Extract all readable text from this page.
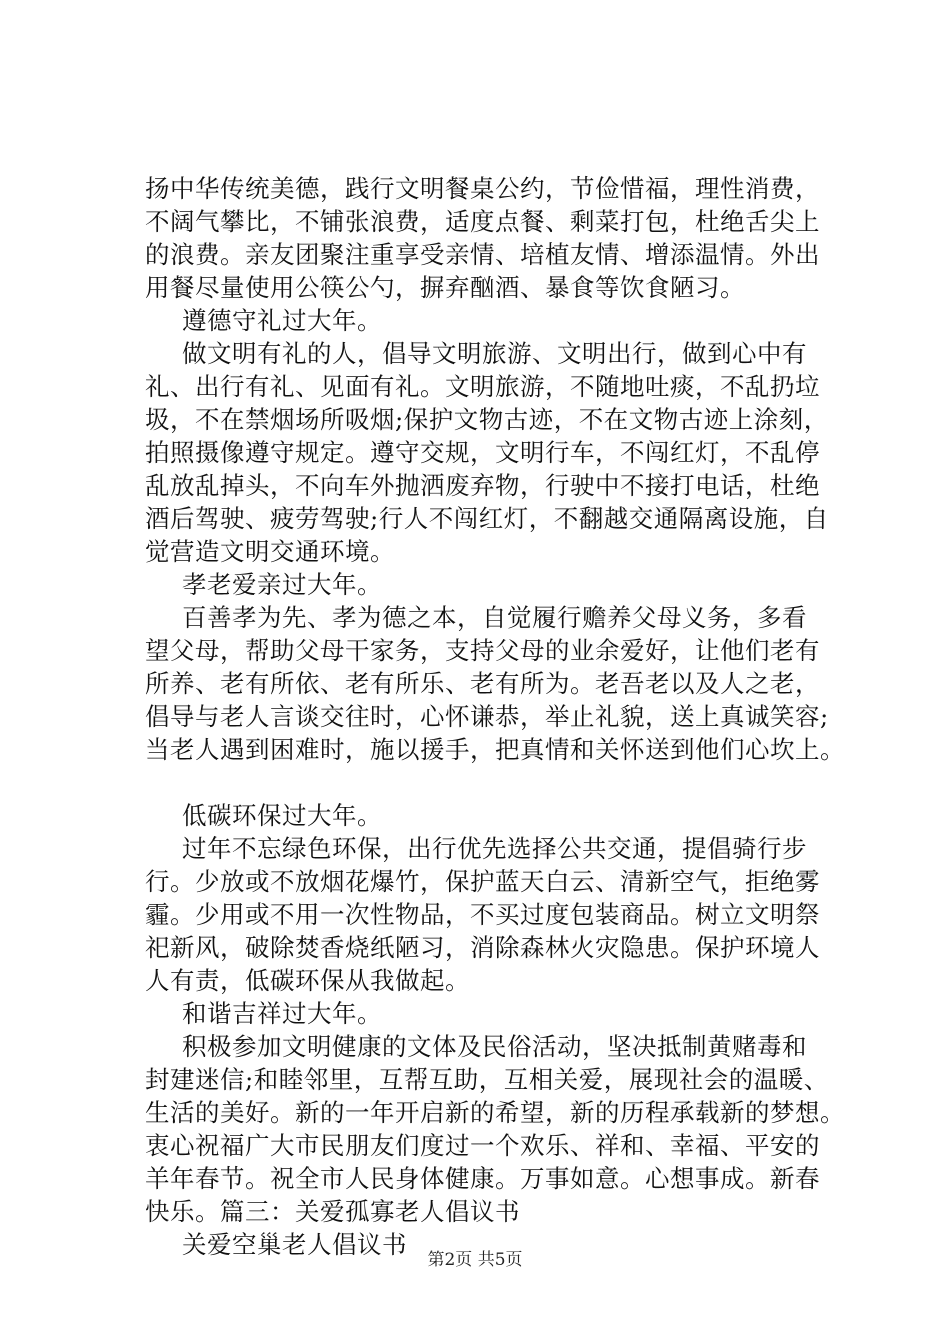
扬中华传统美德，践行文明餐桌公约，节俭惜福，理性消费，
不阔气攀比，不铺张浪费，适度点餐、剩菜打包，杜绝舌尖上
的浪费。亲友团聚注重享受亲情、培植友情、增添温情。外出
用餐尽量使用公筷公勺，摒弃酗酒、暴食等饮食陋习。
遵德守礼过大年。
做文明有礼的人，倡导文明旅游、文明出行，做到心中有
礼、出行有礼、见面有礼。文明旅游，不随地吐痰，不乱扔垃
圾，不在禁烟场所吸烟;保护文物古迹，不在文物古迹上涂刻，
拍照摄像遵守规定。遵守交规，文明行车，不闯红灯，不乱停
乱放乱掉头，不向车外抛洒废弃物，行驶中不接打电话，杜绝
酒后驾驶、疲劳驾驶;行人不闯红灯，不翻越交通隔离设施，自
觉营造文明交通环境。
孝老爱亲过大年。
百善孝为先、孝为德之本，自觉履行赡养父母义务，多看
望父母，帮助父母干家务，支持父母的业余爱好，让他们老有
所养、老有所依、老有所乐、老有所为。老吾老以及人之老，
倡导与老人言谈交往时，心怀谦恭，举止礼貌，送上真诚笑容;
当老人遇到困难时，施以援手，把真情和关怀送到他们心坎上。
低碳环保过大年。
过年不忘绿色环保，出行优先选择公共交通，提倡骑行步
行。少放或不放烟花爆竹，保护蓝天白云、清新空气，拒绝雾
霾。少用或不用一次性物品，不买过度包装商品。树立文明祭
祀新风，破除焚香烧纸陋习，消除森林火灾隐患。保护环境人
人有责，低碳环保从我做起。
和谐吉祥过大年。
积极参加文明健康的文体及民俗活动，坚决抵制黄赌毒和
封建迷信;和睦邻里，互帮互助，互相关爱，展现社会的温暖、
生活的美好。新的一年开启新的希望，新的历程承载新的梦想。
衷心祝福广大市民朋友们度过一个欢乐、祥和、幸福、平安的
羊年春节。祝全市人民身体健康。万事如意。心想事成。新春
快乐。篇三：关爱孤寡老人倡议书
关爱空巢老人倡议书
第2页 共5页
